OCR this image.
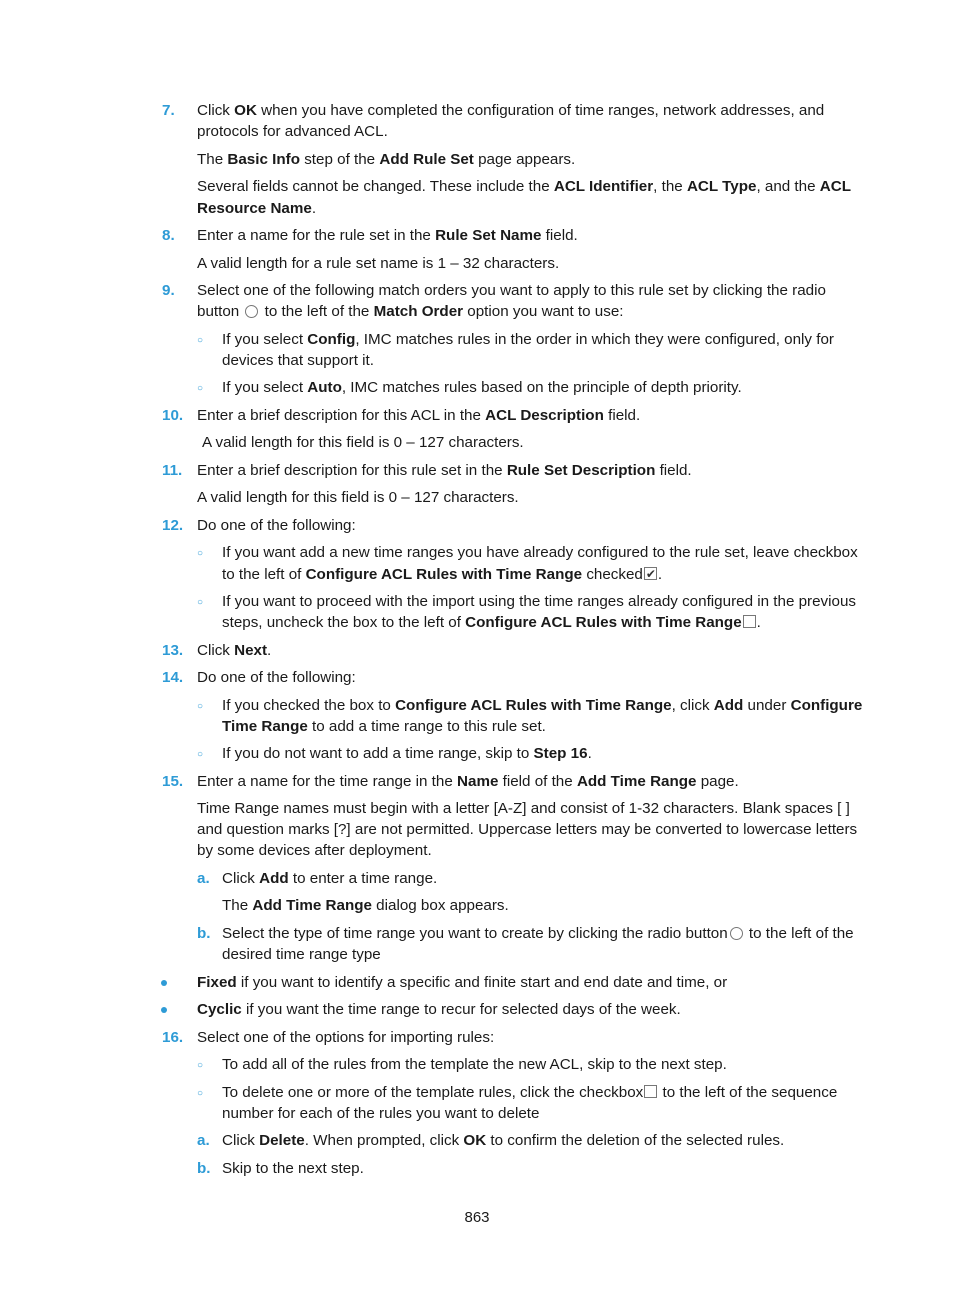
7. Click OK when you have completed the configuration of time ranges, network addresses, and
protocols for advanced ACL.
The Basic Info step of the Add Rule Set page appears.
Several fields cannot be changed. These include the ACL Identifier, the ACL Type, and the ACL
Resource Name.
8. Enter a name for the rule set in the Rule Set Name field.
A valid length for a rule set name is 1 – 32 characters.
9. Select one of the following match orders you want to apply to this rule set by clicking the radio
button  to the left of the Match Order option you want to use:
○ If you select Config, IMC matches rules in the order in which they were configured, only for
devices that support it.
○ If you select Auto, IMC matches rules based on the principle of depth priority.
10. Enter a brief description for this ACL in the ACL Description field.
A valid length for this field is 0 – 127 characters.
11. Enter a brief description for this rule set in the Rule Set Description field.
A valid length for this field is 0 – 127 characters.
12. Do one of the following:
○ If you want add a new time ranges you have already configured to the rule set, leave checkbox
to the left of Configure ACL Rules with Time Range checked✔ .
○ If you want to proceed with the import using the time ranges already configured in the previous
steps, uncheck the box to the left of Configure ACL Rules with Time Range .
13. Click Next.
14. Do one of the following:
○ If you checked the box to Configure ACL Rules with Time Range, click Add under Configure
Time Range to add a time range to this rule set.
○ If you do not want to add a time range, skip to Step 16.
15. Enter a name for the time range in the Name field of the Add Time Range page.
Time Range names must begin with a letter [A-Z] and consist of 1-32 characters. Blank spaces [ ]
and question marks [?] are not permitted. Uppercase letters may be converted to lowercase letters
by some devices after deployment.
a. Click Add to enter a time range.
The Add Time Range dialog box appears.
b. Select the type of time range you want to create by clicking the radio button to the left of the
desired time range type
Fixed if you want to identify a specific and finite start and end date and time, or
Cyclic if you want the time range to recur for selected days of the week.
16. Select one of the options for importing rules:
○ To add all of the rules from the template the new ACL, skip to the next step.
○ To delete one or more of the template rules, click the checkbox to the left of the sequence
number for each of the rules you want to delete
a. Click Delete. When prompted, click OK to confirm the deletion of the selected rules.
b. Skip to the next step.
863
